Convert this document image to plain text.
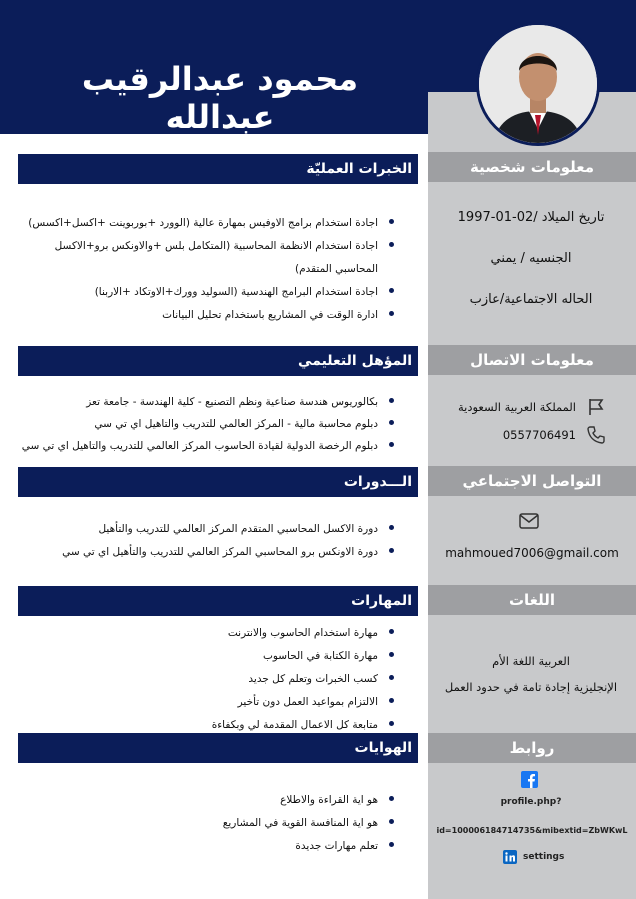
محمود عبدالرقيب عبدالله
معلومات شخصية
تاريخ الميلاد /02-01-1997
الجنسيه / يمني
الحاله الاجتماعية/عازب
معلومات الاتصال
المملكة العربية السعودية
0557706491
التواصل الاجتماعي
mahmoued7006@gmail.com
اللغات
العربية اللغة الأم
الإنجليزية إجادة تامة في حدود العمل
روابط
profile.php?
id=100006184714735&mibextid=ZbWKwL
settings
الخبرات العمليّة
اجادة استخدام برامج الاوفيس بمهارة عالية (الوورد +بوربوينت +اكسل+اكسس)
اجادة استخدام الانظمة المحاسبية (المتكامل بلس +والاونكس برو+الاكسل المحاسبي المتقدم)
اجادة استخدام البرامج الهندسية (السوليد وورك+الاوتكاد +الاربنا)
ادارة الوقت في المشاريع باستخدام تحليل البيانات
المؤهل التعليمي
بكالوريوس هندسة صناعية ونظم التصنيع - كلية الهندسة - جامعة تعز
دبلوم محاسبة مالية - المركز العالمي للتدريب والتاهيل اي تي سي
دبلوم الرخصة الدولية لقيادة الحاسوب المركز العالمي للتدريب والتاهيل اي تي سي
الـــدورات
دورة الاكسل المحاسبي المتقدم المركز العالمي للتدريب والتأهيل
دورة الاونكس برو المحاسبي المركز العالمي للتدريب والتأهيل اي تي سي
المهارات
مهارة استخدام الحاسوب والانترنت
مهارة الكتابة في الحاسوب
كسب الخبرات وتعلم كل جديد
الالتزام بمواعيد العمل دون تأخير
متابعة كل الاعمال المقدمة لي وبكفاءة
الهوايات
هو اية القراءة والاطلاع
هو اية المنافسة القوية في المشاريع
تعلم مهارات جديدة
